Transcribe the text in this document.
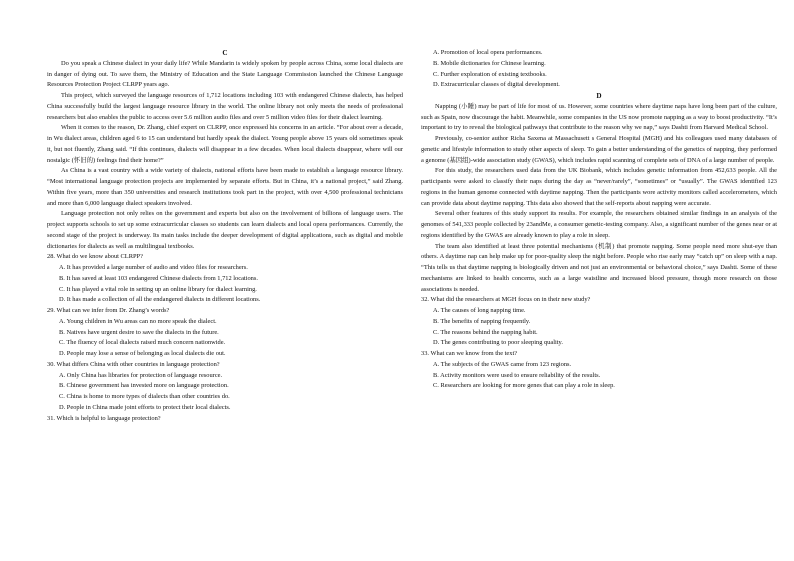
C
Do you speak a Chinese dialect in your daily life? While Mandarin is widely spoken by people across China, some local dialects are in danger of dying out. To save them, the Ministry of Education and the State Language Commission launched the Chinese Language Resources Protection Project CLRPP years ago.
This project, which surveyed the language resources of 1,712 locations including 103 with endangered Chinese dialects, has helped China successfully build the largest language resource library in the world. The online library not only meets the needs of professional researchers but also enables the public to access over 5.6 million audio files and over 5 million video files for their dialect learning.
When it comes to the reason, Dr. Zhang, chief expert on CLRPP, once expressed his concerns in an article. “For about over a decade, in Wu dialect areas, children aged 6 to 15 can understand but hardly speak the dialect. Young people above 15 years old sometimes speak it, but not fluently, Zhang said. “If this continues, dialects will disappear in a few decades. When local dialects disappear, where will our nostalgic (怀旧的) feelings find their home?”
As China is a vast country with a wide variety of dialects, national efforts have been made to establish a language resource library. “Most international language protection projects are implemented by separate efforts. But in China, it’s a national project,” said Zhang. Within five years, more than 350 universities and research institutions took part in the project, with over 4,500 professional technicians and more than 6,000 language dialect speakers involved.
Language protection not only relies on the government and experts but also on the involvement of billions of language users. The project supports schools to set up some extracurricular classes so students can learn dialects and local opera performances. Currently, the second stage of the project is underway. Its main tasks include the deeper development of digital applications, such as digital and mobile dictionaries for dialects as well as multilingual textbooks.
28. What do we know about CLRPP?
A. It has provided a large number of audio and video files for researchers.
B. It has saved at least 103 endangered Chinese dialects from 1,712 locations.
C. It has played a vital role in setting up an online library for dialect learning.
D. It has made a collection of all the endangered dialects in different locations.
29. What can we infer from Dr. Zhang’s words?
A. Young children in Wu areas can no more speak the dialect.
B. Natives have urgent desire to save the dialects in the future.
C. The fluency of local dialects raised much concern nationwide.
D. People may lose a sense of belonging as local dialects die out.
30. What differs China with other countries in language protection?
A. Only China has libraries for protection of language resource.
B. Chinese government has invested more on language protection.
C. China is home to more types of dialects than other countries do.
D. People in China made joint efforts to protect their local dialects.
31. Which is helpful to language protection?
A. Promotion of local opera performances.
B. Mobile dictionaries for Chinese learning.
C. Further exploration of existing textbooks.
D. Extracurricular classes of digital development.
D
Napping (小睡) may be part of life for most of us. However, some countries where daytime naps have long been part of the culture, such as Spain, now discourage the habit. Meanwhile, some companies in the US now promote napping as a way to boost productivity. “It’s important to try to reveal the biological pathways that contribute to the reason why we nap,” says Dashti from Harvard Medical School.
Previously, co-senior author Richa Saxena at Massachusett s General Hospital (MGH) and his colleagues used many databases of genetic and lifestyle information to study other aspects of sleep. To gain a better understanding of the genetics of napping, they performed a genome (基因组)-wide association study (GWAS), which includes rapid scanning of complete sets of DNA of a large number of people.
For this study, the researchers used data from the UK Biobank, which includes genetic information from 452,633 people. All the participants were asked to classify their naps during the day as “never/rarely”, “sometimes” or “usually”. The GWAS identified 123 regions in the human genome connected with daytime napping. Then the participants wore activity monitors called accelerometers, which can provide data about daytime napping. This data also showed that the self-reports about napping were accurate.
Several other features of this study support its results. For example, the researchers obtained similar findings in an analysis of the genomes of 541,333 people collected by 23andMe, a consumer genetic-testing company. Also, a significant number of the genes near or at regions identified by the GWAS are already known to play a role in sleep.
The team also identified at least three potential mechanisms (机制) that promote napping. Some people need more shut-eye than others. A daytime nap can help make up for poor-quality sleep the night before. People who rise early may “catch up” on sleep with a nap. “This tells us that daytime napping is biologically driven and not just an environmental or behavioral choice,” says Dashti. Some of these mechanisms are linked to health concerns, such as a large waistline and increased blood pressure, though more research on those associations is needed.
32. What did the researchers at MGH focus on in their new study?
A. The causes of long napping time.
B. The benefits of napping frequently.
C. The reasons behind the napping habit.
D. The genes contributing to poor sleeping quality.
33. What can we know from the text?
A. The subjects of the GWAS came from 123 regions.
B. Activity monitors were used to ensure reliability of the results.
C. Researchers are looking for more genes that can play a role in sleep.
